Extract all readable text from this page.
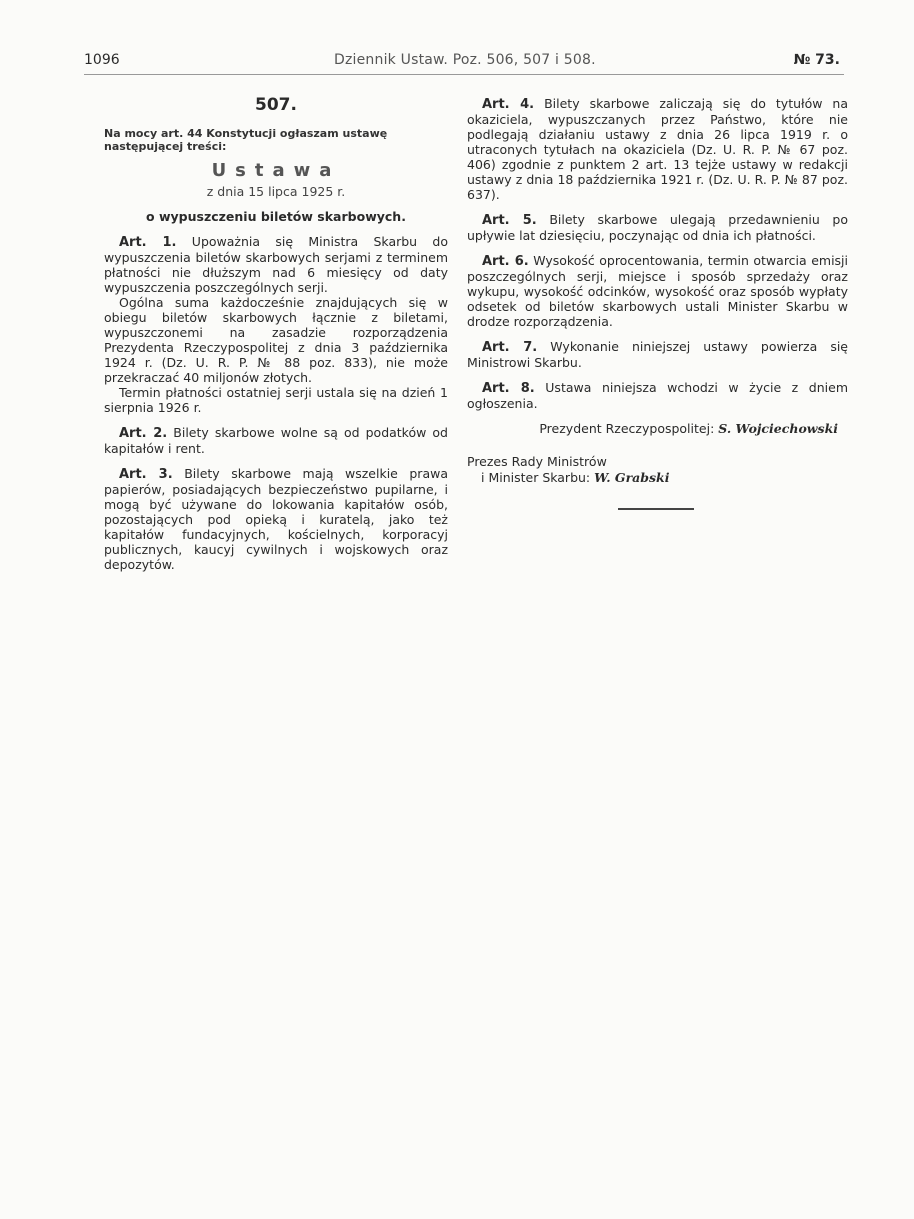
1096	Dziennik Ustaw. Poz. 506, 507 i 508.	№ 73.
507.
Na mocy art. 44 Konstytucji ogłaszam ustawę następującej treści:
Ustawa
z dnia 15 lipca 1925 r.
o wypuszczeniu biletów skarbowych.

Art. 1. Upoważnia się Ministra Skarbu do wypuszczenia biletów skarbowych serjami z terminem płatności nie dłuższym nad 6 miesięcy od daty wypuszczenia poszczególnych serji.

Ogólna suma każdocześnie znajdujących się w obiegu biletów skarbowych łącznie z biletami, wypuszczonemi na zasadzie rozporządzenia Prezydenta Rzeczypospolitej z dnia 3 października 1924 r. (Dz. U. R. P. № 88 poz. 833), nie może przekraczać 40 miljonów złotych.

Termin płatności ostatniej serji ustala się na dzień 1 sierpnia 1926 r.

Art. 2. Bilety skarbowe wolne są od podatków od kapitałów i rent.

Art. 3. Bilety skarbowe mają wszelkie prawa papierów, posiadających bezpieczeństwo pupilarne, i mogą być używane do lokowania kapitałów osób, pozostających pod opieką i kuratelą, jako też kapitałów fundacyjnych, kościelnych, korporacyj publicznych, kaucyj cywilnych i wojskowych oraz depozytów.

Art. 4. Bilety skarbowe zaliczają się do tytułów na okaziciela, wypuszczanych przez Państwo, które nie podlegają działaniu ustawy z dnia 26 lipca 1919 r. o utraconych tytułach na okaziciela (Dz. U. R. P. № 67 poz. 406) zgodnie z punktem 2 art. 13 tejże ustawy w redakcji ustawy z dnia 18 października 1921 r. (Dz. U. R. P. № 87 poz. 637).

Art. 5. Bilety skarbowe ulegają przedawnieniu po upływie lat dziesięciu, poczynając od dnia ich płatności.

Art. 6. Wysokość oprocentowania, termin otwarcia emisji poszczególnych serji, miejsce i sposób sprzedaży oraz wykupu, wysokość odcinków, wysokość oraz sposób wypłaty odsetek od biletów skarbowych ustali Minister Skarbu w drodze rozporządzenia.

Art. 7. Wykonanie niniejszej ustawy powierza się Ministrowi Skarbu.

Art. 8. Ustawa niniejsza wchodzi w życie z dniem ogłoszenia.

Prezydent Rzeczypospolitej: S. Wojciechowski
Prezes Rady Ministrów
i Minister Skarbu: W. Grabski
